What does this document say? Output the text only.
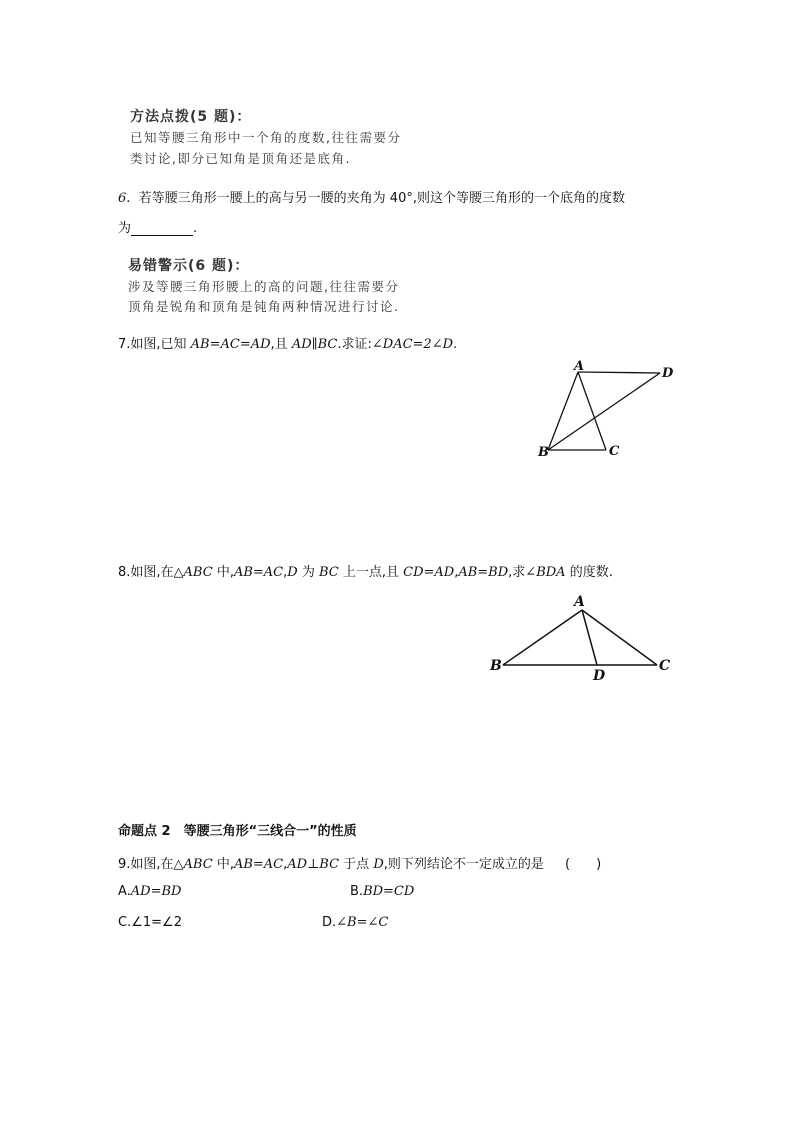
方法点拨(5 题)：
已知等腰三角形中一个角的度数,往往需要分
类讨论,即分已知角是顶角还是底角.
6. 若等腰三角形一腰上的高与另一腰的夹角为 40°,则这个等腰三角形的一个底角的度数
为	.
易错警示(6 题)：
涉及等腰三角形腰上的高的问题,往往需要分
顶角是锐角和顶角是钝角两种情况进行讨论.
7.如图,已知 AB=AC=AD,且 AD∥BC.求证:∠DAC=2∠D.
A	D
B	C
8.如图,在△ABC 中,AB=AC,D 为 BC 上一点,且 CD=AD,AB=BD,求∠BDA 的度数.
A
B	C
D
命题点 2　等腰三角形“三线合一”的性质
9.如图,在△ABC 中,AB=AC,AD⊥BC 于点 D,则下列结论不一定成立的是 (　　)
A.AD=BD	B.BD=CD
C.∠1=∠2	D.∠B=∠C
